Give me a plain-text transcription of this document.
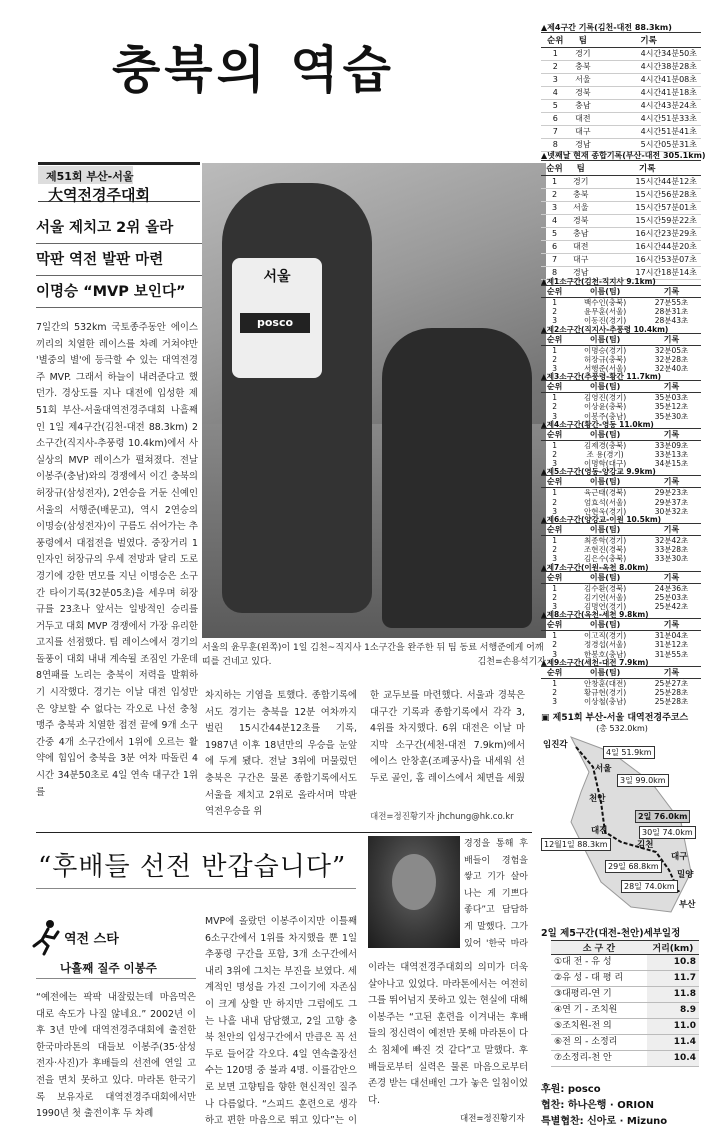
충북의 역습
제51회 부산-서울
大역전경주대회
서울 제치고 2위 올라
막판 역전 발판 마련
이명승 “MVP 보인다”
7일간의 532km 국토종주동안 에이스끼리의 치열한 레이스를 차례 거쳐야만 '별중의 별'에 등극할 수 있는 대역전경주 MVP. 그래서 하늘이 내려준다고 했던가. 경상도를 지나 대전에 입성한 제51회 부산-서울대역전경주대회 나흘째인 1일 제4구간(김천-대전 88.3km) 2소구간(직지사-추풍령 10.4km)에서 사실상의 MVP 레이스가 펼쳐졌다. 전날 이봉주(충남)와의 경쟁에서 이긴 충북의 허장규(삼성전자), 2연승을 거둔 신예인 서울의 서행준(배문고), 역시 2연승의 이명승(삼성전자)이 구름도 쉬어가는 추풍령에서 대접전을 벌였다. 중장거리 1인자인 허장규의 우세 전망과 달리 도로경기에 강한 면모를 지닌 이명승은 소구간 타이기록(32분05초)을 세우며 허장규를 23초나 앞서는 일방적인 승리를 거두고 대회 MVP 경쟁에서 가장 유리한 고지를 선점했다. 팀 레이스에서 경기의 돌풍이 대회 내내 계속될 조짐인 가운데 8연패를 노리는 충북이 저력을 발휘하기 시작했다. 경기는 이날 대전 입성만은 양보할 수 없다는 각오로 나선 충청맹주 충북과 치열한 접전 끝에 9개 소구간중 4개 소구간에서 1위에 오르는 활약에 힘입어 충북을 3분 여차 따돌린 4시간 34분50초로 4일 연속 대구간 1위를
차지하는 기염을 토했다. 종합기록에서도 경기는 충북을 12분 여차까지 벌린 15시간44분12초를 기록, 1987년 이후 18년만의 우승을 눈앞에 두게 됐다. 전날 3위에 머물렀던 충북은 구간은 물론 종합기록에서도 서울을 제치고 2위로 올라서며 막판 역전우승을 위
한 교두보를 마련했다. 서울과 경북은 대구간 기록과 종합기록에서 각각 3, 4위를 차지했다. 6위 대전은 이날 마지막 소구간(세천-대전 7.9km)에서 에이스 안창훈(조폐공사)을 내세워 선두로 골인, 홈 레이스에서 체면을 세웠
대전=정진황기자 jhchung@hk.co.kr
서울
posco
서울의 윤무훈(왼쪽)이 1일 김천~직지사 1소구간을 완주한 뒤 팀 동료 서행준에게 어깨띠를 건네고 있다.	김천=손용석기자
“후배들 선전 반갑습니다”
역전 스타
나흘째 질주 이봉주
“예전에는 팍팍 내잘렀는데 마음먹은 대로 속도가 나질 않네요.” 2002년 이후 3년 만에 대역전경주대회에 출전한 한국마라톤의 대들보 이봉주(35·삼성전자·사진)가 후배들의 선전에 연일 고전을 면치 못하고 있다. 마라톤 한국기록 보유자로 대역전경주대회에서만 1990년 첫 출전이후 두 차례
MVP에 올랐던 이봉주이지만 이틀째 6소구간에서 1위를 차지했을 뿐 1일 추풍령 구간을 포함, 3개 소구간에서 내리 3위에 그치는 부진을 보였다. 세계적인 명성을 가진 그이기에 자존심이 크게 상할 만 하지만 그럼에도 그는 나흘 내내 담담했고, 2일 고향 충북 천안의 입성구간에서 만큼은 꼭 선두로 들어갈 각오다. 4일 연속출장선수는 120명 중 불과 4명. 이를감안으로 보면 고향팀을 향한 현신적인 질주나 다름없다. “스피드 훈련으로 생각하고 편한 마음으로 뛰고 있다”는 이
경정을 통해 후배들이 경험을 쌓고 기가 살아나는 게 기쁘다 좋다”고 담담하게 말했다. 그가 있어 '한국 마라
이라는 대역전경주대회의 의미가 더욱 살아나고 있었다. 마라톤에서는 여전히 그를 뛰어넘지 못하고 있는 현실에 대해 이봉주는 “고된 훈련을 이겨내는 후배들의 정신력이 예전만 못해 마라톤이 다소 침체에 빠진 것 같다”고 말했다. 후배들로부터 실력은 물론 마음으로부터 존경 받는 대선배인 그가 놓은 일침이었다.
대전=정진황기자
▲제4구간 기록(김천-대전 88.3km)
순위	팀	기록
1	경기	4시간34분50초
2	충북	4시간38분28초
3	서울	4시간41분08초
4	경북	4시간41분18초
5	충남	4시간43분24초
6	대전	4시간51분33초
7	대구	4시간51분41초
8	경남	5시간05분31초
▲넷째날 현재 종합기록(부산-대전 305.1km)
순위	팀	기록
1	경기	15시간44분12초
2	충북	15시간56분28초
3	서울	15시간57분01초
4	경북	15시간59분22초
5	충남	16시간23분29초
6	대전	16시간44분20초
7	대구	16시간53분07초
8	경남	17시간18분14초
▲제1소구간(김천-직지사 9.1km)
순위	이름(팀)	기록
1	백수인(충북)	27분55초
2	윤무훈(서울)	28분31초
3	이동진(경기)	28분43초
▲제2소구간(직지사-추풍령 10.4km)
순위	이름(팀)	기록
1	이명승(경기)	32분05초
2	허장규(충북)	32분28초
3	서행준(서울)	32분40초
▲제3소구간(추풍령-황간 11.7km)
순위	이름(팀)	기록
1	김영진(경기)	35분03초
2	이상윤(충북)	35분12초
3	이봉주(충남)	35분30초
▲제4소구간(황간-영동 11.0km)
순위	이름(팀)	기록
1	김제경(충북)	33분09초
2	조 용(경기)	33분13초
3	이명학(대구)	34분15초
▲제5소구간(영동-양강교 9.9km)
순위	이름(팀)	기록
1	육근태(경북)	29분23초
2	엄효석(서울)	29분37초
3	안현욱(경기)	30분32초
▲제6소구간(양강교-이원 10.5km)
순위	이름(팀)	기록
1	최종학(경기)	32분42초
2	조현진(경북)	33분28초
3	김은수(충북)	33분30초
▲제7소구간(이원-옥천 8.0km)
순위	이름(팀)	기록
1	김수환(경북)	24분36초
2	김기연(서울)	25분03초
3	김명연(경기)	25분42초
▲제8소구간(옥천-세천 9.8km)
순위	이름(팀)	기록
1	이고직(경기)	31분04초
2	정경섭(서울)	31분12초
3	한봉호(충남)	31분55초
▲제9소구간(세천-대전 7.9km)
순위	이름(팀)	기록
1	안창훈(대전)	25분27초
2	황규현(경기)	25분28초
3	이상철(충남)	25분28초
▣ 제51회 부산-서울 대역전경주코스
(총 532.0km)
임진각
서울
천안
대전
김천
대구
밀양
부산
4일 51.9km
3일 99.0km
2일 76.0km
12월1일 88.3km
30일 74.0km
29일 68.8km
28일 74.0km
2일 제5구간(대전-천안)세부일정
소 구 간	거리(km)
①대 전 - 유 성	10.8
②유 성 - 대 평 리	11.7
③대평리-연 기	11.8
④연 기 - 조치원	8.9
⑤조치원-전 의	11.0
⑥전 의 - 소정리	11.4
⑦소정리-천 안	10.4
후원: posco
협찬: 하나은행 · ORION
특별협찬: 신아로 · Mizuno
